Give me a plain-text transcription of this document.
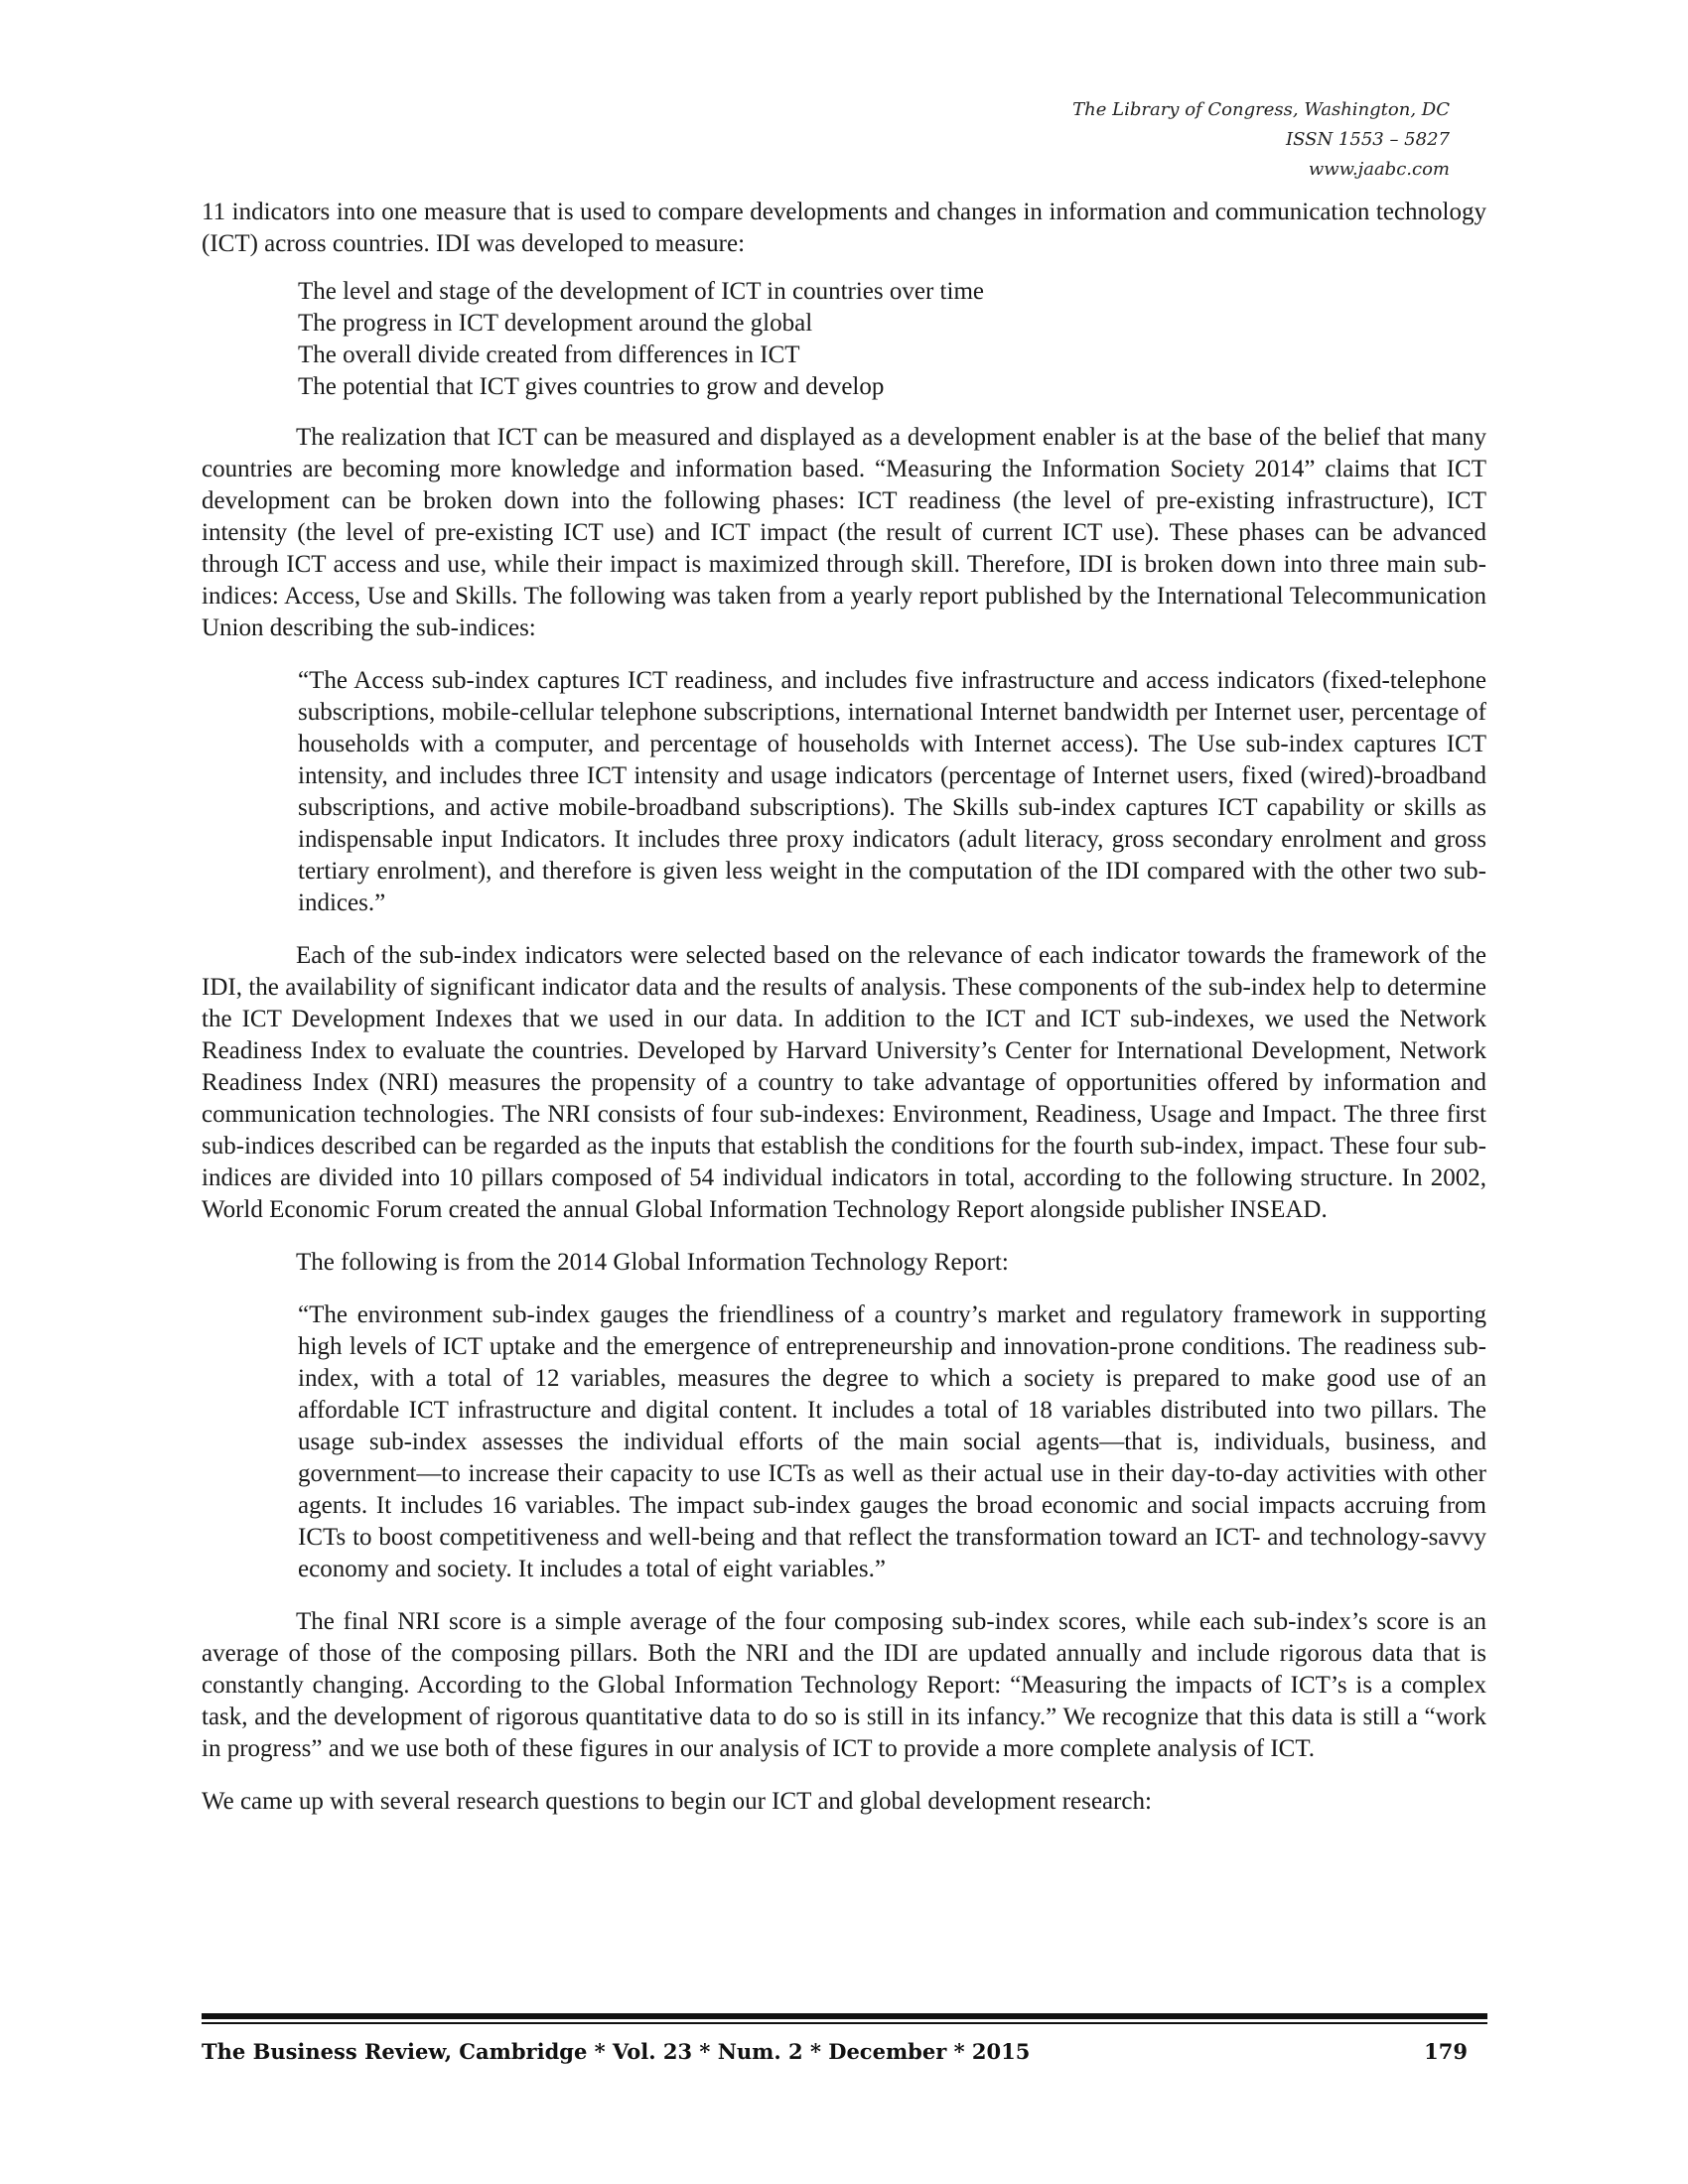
The Library of Congress, Washington, DC
ISSN 1553 – 5827
www.jaabc.com

11 indicators into one measure that is used to compare developments and changes in information and communication technology (ICT) across countries. IDI was developed to measure:

The level and stage of the development of ICT in countries over time
The progress in ICT development around the global
The overall divide created from differences in ICT
The potential that ICT gives countries to grow and develop

The realization that ICT can be measured and displayed as a development enabler is at the base of the belief that many countries are becoming more knowledge and information based. “Measuring the Information Society 2014” claims that ICT development can be broken down into the following phases: ICT readiness (the level of pre-existing infrastructure), ICT intensity (the level of pre-existing ICT use) and ICT impact (the result of current ICT use). These phases can be advanced through ICT access and use, while their impact is maximized through skill. Therefore, IDI is broken down into three main sub-indices: Access, Use and Skills. The following was taken from a yearly report published by the International Telecommunication Union describing the sub-indices:

“The Access sub-index captures ICT readiness, and includes five infrastructure and access indicators (fixed-telephone subscriptions, mobile-cellular telephone subscriptions, international Internet bandwidth per Internet user, percentage of households with a computer, and percentage of households with Internet access). The Use sub-index captures ICT intensity, and includes three ICT intensity and usage indicators (percentage of Internet users, fixed (wired)-broadband subscriptions, and active mobile-broadband subscriptions). The Skills sub-index captures ICT capability or skills as indispensable input Indicators. It includes three proxy indicators (adult literacy, gross secondary enrolment and gross tertiary enrolment), and therefore is given less weight in the computation of the IDI compared with the other two sub-indices.”

Each of the sub-index indicators were selected based on the relevance of each indicator towards the framework of the IDI, the availability of significant indicator data and the results of analysis. These components of the sub-index help to determine the ICT Development Indexes that we used in our data. In addition to the ICT and ICT sub-indexes, we used the Network Readiness Index to evaluate the countries. Developed by Harvard University’s Center for International Development, Network Readiness Index (NRI) measures the propensity of a country to take advantage of opportunities offered by information and communication technologies. The NRI consists of four sub-indexes: Environment, Readiness, Usage and Impact. The three first sub-indices described can be regarded as the inputs that establish the conditions for the fourth sub-index, impact. These four sub-indices are divided into 10 pillars composed of 54 individual indicators in total, according to the following structure. In 2002, World Economic Forum created the annual Global Information Technology Report alongside publisher INSEAD.

The following is from the 2014 Global Information Technology Report:

“The environment sub-index gauges the friendliness of a country’s market and regulatory framework in supporting high levels of ICT uptake and the emergence of entrepreneurship and innovation-prone conditions. The readiness sub-index, with a total of 12 variables, measures the degree to which a society is prepared to make good use of an affordable ICT infrastructure and digital content. It includes a total of 18 variables distributed into two pillars. The usage sub-index assesses the individual efforts of the main social agents—that is, individuals, business, and government—to increase their capacity to use ICTs as well as their actual use in their day-to-day activities with other agents. It includes 16 variables. The impact sub-index gauges the broad economic and social impacts accruing from ICTs to boost competitiveness and well-being and that reflect the transformation toward an ICT- and technology-savvy economy and society. It includes a total of eight variables.”

The final NRI score is a simple average of the four composing sub-index scores, while each sub-index’s score is an average of those of the composing pillars. Both the NRI and the IDI are updated annually and include rigorous data that is constantly changing. According to the Global Information Technology Report: “Measuring the impacts of ICT’s is a complex task, and the development of rigorous quantitative data to do so is still in its infancy.” We recognize that this data is still a “work in progress” and we use both of these figures in our analysis of ICT to provide a more complete analysis of ICT.

We came up with several research questions to begin our ICT and global development research:

The Business Review, Cambridge * Vol. 23 * Num. 2 * December * 2015	179
